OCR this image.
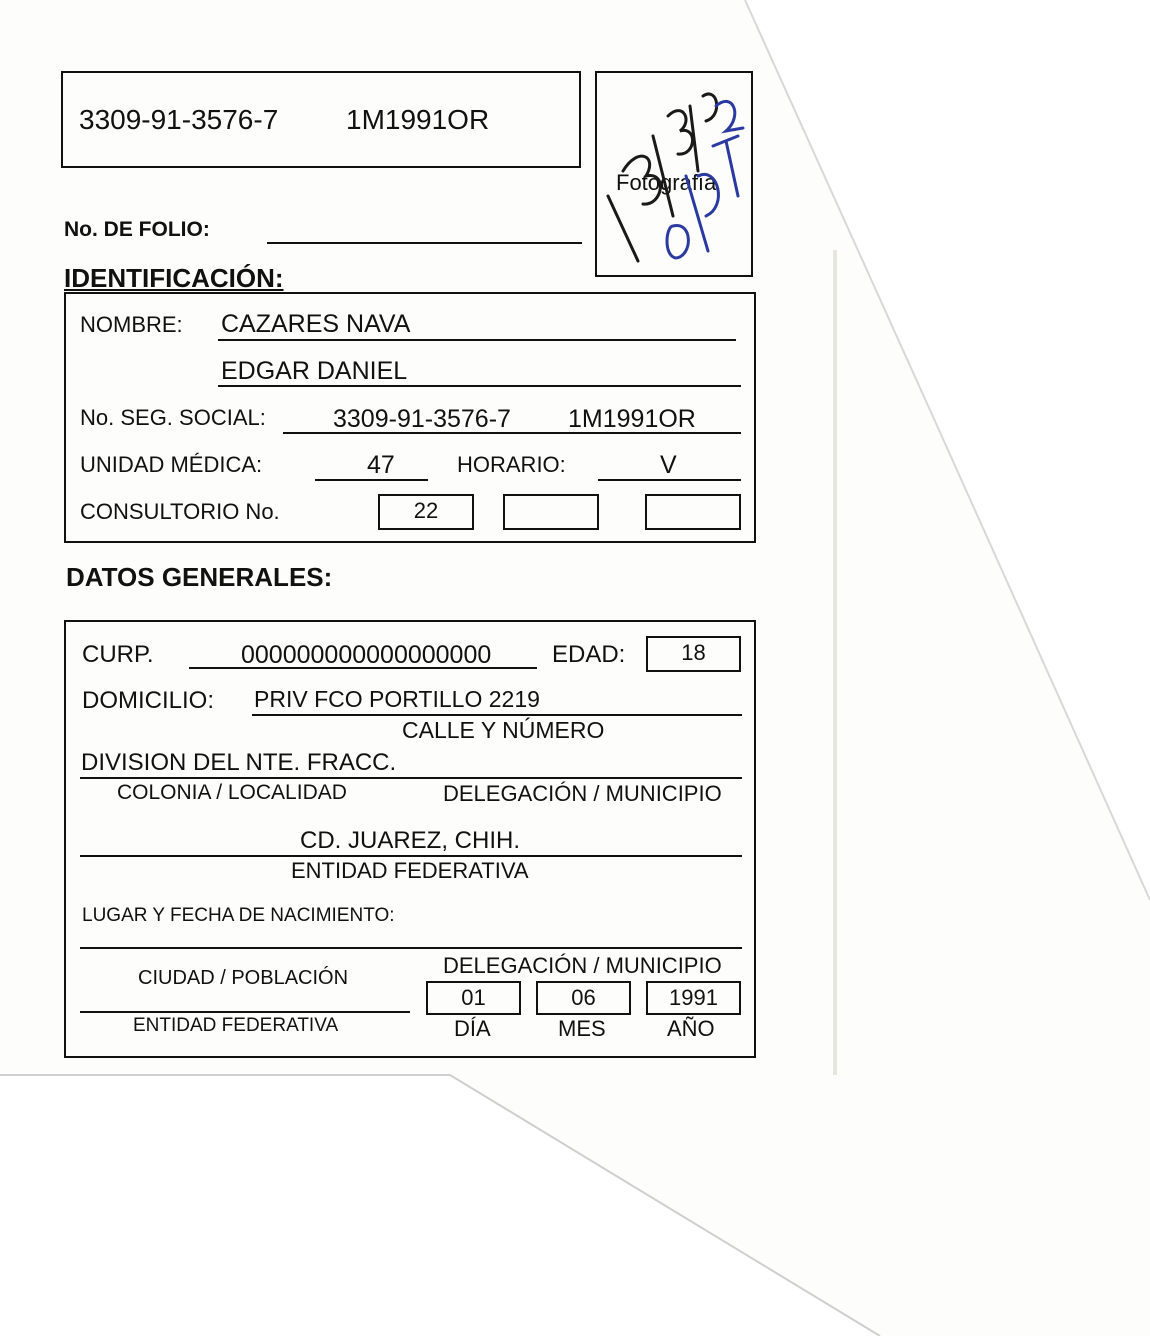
3309-91-3576-7 1M1991OR
Fotografía
No. DE FOLIO:
IDENTIFICACIÓN:
NOMBRE: CAZARES NAVA
EDGAR DANIEL
No. SEG. SOCIAL:	3309-91-3576-7 1M1991OR
UNIDAD MÉDICA:	47	HORARIO:	V
CONSULTORIO No.	22
DATOS GENERALES:
CURP.	000000000000000000	EDAD:	18
DOMICILIO: PRIV FCO PORTILLO 2219
CALLE Y NÚMERO
DIVISION DEL NTE. FRACC.
COLONIA / LOCALIDAD	DELEGACIÓN / MUNICIPIO
CD. JUAREZ, CHIH.
ENTIDAD FEDERATIVA
LUGAR Y FECHA DE NACIMIENTO:
CIUDAD / POBLACIÓN	DELEGACIÓN / MUNICIPIO
ENTIDAD FEDERATIVA
01	06	1991
DÍA	MES	AÑO
